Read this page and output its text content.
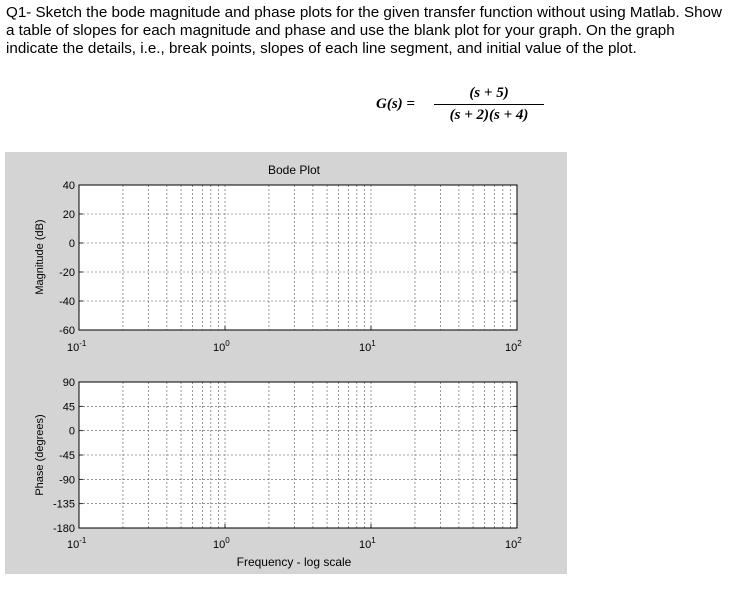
Q1- Sketch the bode magnitude and phase plots for the given transfer function without using Matlab. Show a table of slopes for each magnitude and phase and use the blank plot for your graph. On the graph indicate the details, i.e., break points, slopes of each line segment, and initial value of the plot.

G(s) =
(s + 5)
(s + 2)(s + 4)
Bode Plot
Frequency - log scale
40
20
0
-20
-40
-60
$10^{-1}$	$10^0$	$10^1$	$10^2$
Magnitude (dB)
90
45
0
-45
-90
-135
-180
$10^{-1}$	$10^0$	$10^1$	$10^2$
Phase (degrees)
